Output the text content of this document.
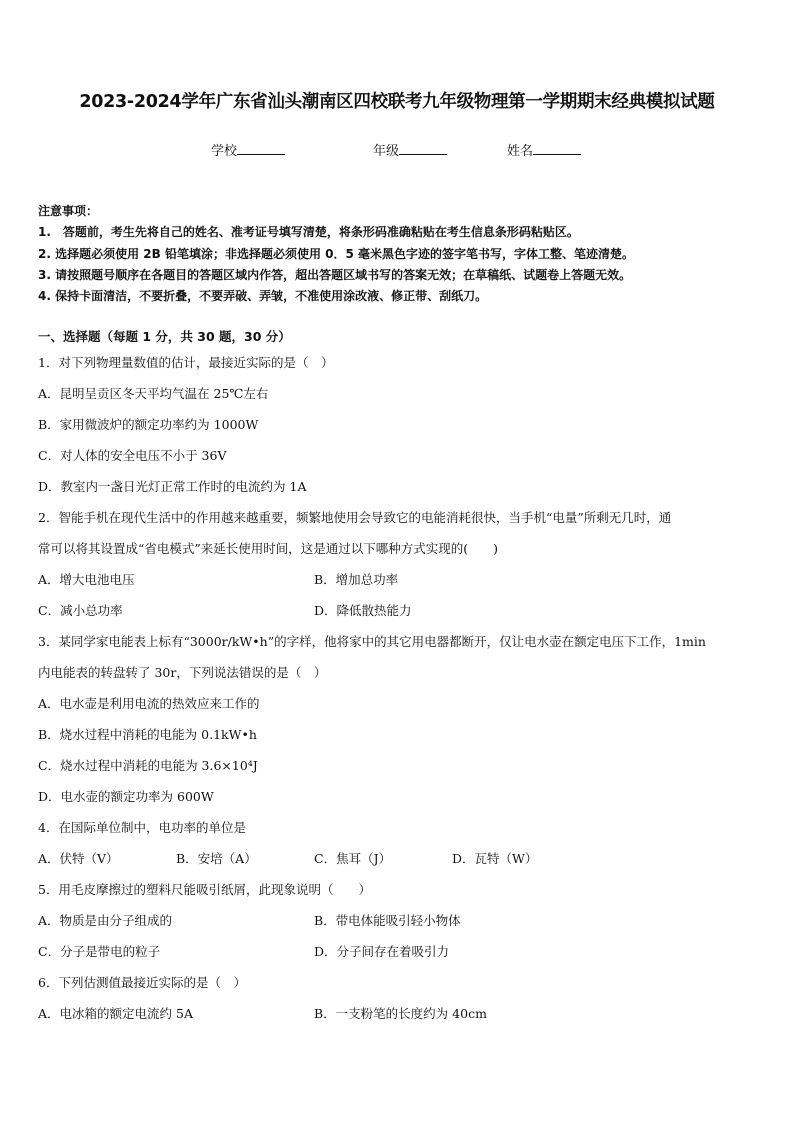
2023-2024学年广东省汕头潮南区四校联考九年级物理第一学期期末经典模拟试题
学校	年级	姓名
注意事项：
1.　答题前，考生先将自己的姓名、准考证号填写清楚，将条形码准确粘贴在考生信息条形码粘贴区。
2. 选择题必须使用 2B 铅笔填涂；非选择题必须使用 0．5 毫米黑色字迹的签字笔书写，字体工整、笔迹清楚。
3. 请按照题号顺序在各题目的答题区域内作答，超出答题区域书写的答案无效；在草稿纸、试题卷上答题无效。
4. 保持卡面清洁，不要折叠，不要弄破、弄皱，不准使用涂改液、修正带、刮纸刀。
一、选择题（每题 1 分，共 30 题，30 分）
1．对下列物理量数值的估计，最接近实际的是（　）
A．昆明呈贡区冬天平均气温在 25℃左右
B．家用微波炉的额定功率约为 1000W
C．对人体的安全电压不小于 36V
D．教室内一盏日光灯正常工作时的电流约为 1A
2．智能手机在现代生活中的作用越来越重要，频繁地使用会导致它的电能消耗很快，当手机“电量”所剩无几时，通
常可以将其设置成“省电模式”来延长使用时间，这是通过以下哪种方式实现的(　　)
A．增大电池电压	B．增加总功率
C．减小总功率	D．降低散热能力
3．某同学家电能表上标有“3000r/kW•h”的字样，他将家中的其它用电器都断开，仅让电水壶在额定电压下工作，1min
内电能表的转盘转了 30r，下列说法错误的是（　）
A．电水壶是利用电流的热效应来工作的
B．烧水过程中消耗的电能为 0.1kW•h
C．烧水过程中消耗的电能为 3.6×10⁴J
D．电水壶的额定功率为 600W
4．在国际单位制中，电功率的单位是
A．伏特（V）	B．安培（A）	C．焦耳（J）	D．瓦特（W）
5．用毛皮摩擦过的塑料尺能吸引纸屑，此现象说明（　　）
A．物质是由分子组成的	B．带电体能吸引轻小物体
C．分子是带电的粒子	D．分子间存在着吸引力
6．下列估测值最接近实际的是（　）
A．电冰箱的额定电流约 5A	B．一支粉笔的长度约为 40cm
